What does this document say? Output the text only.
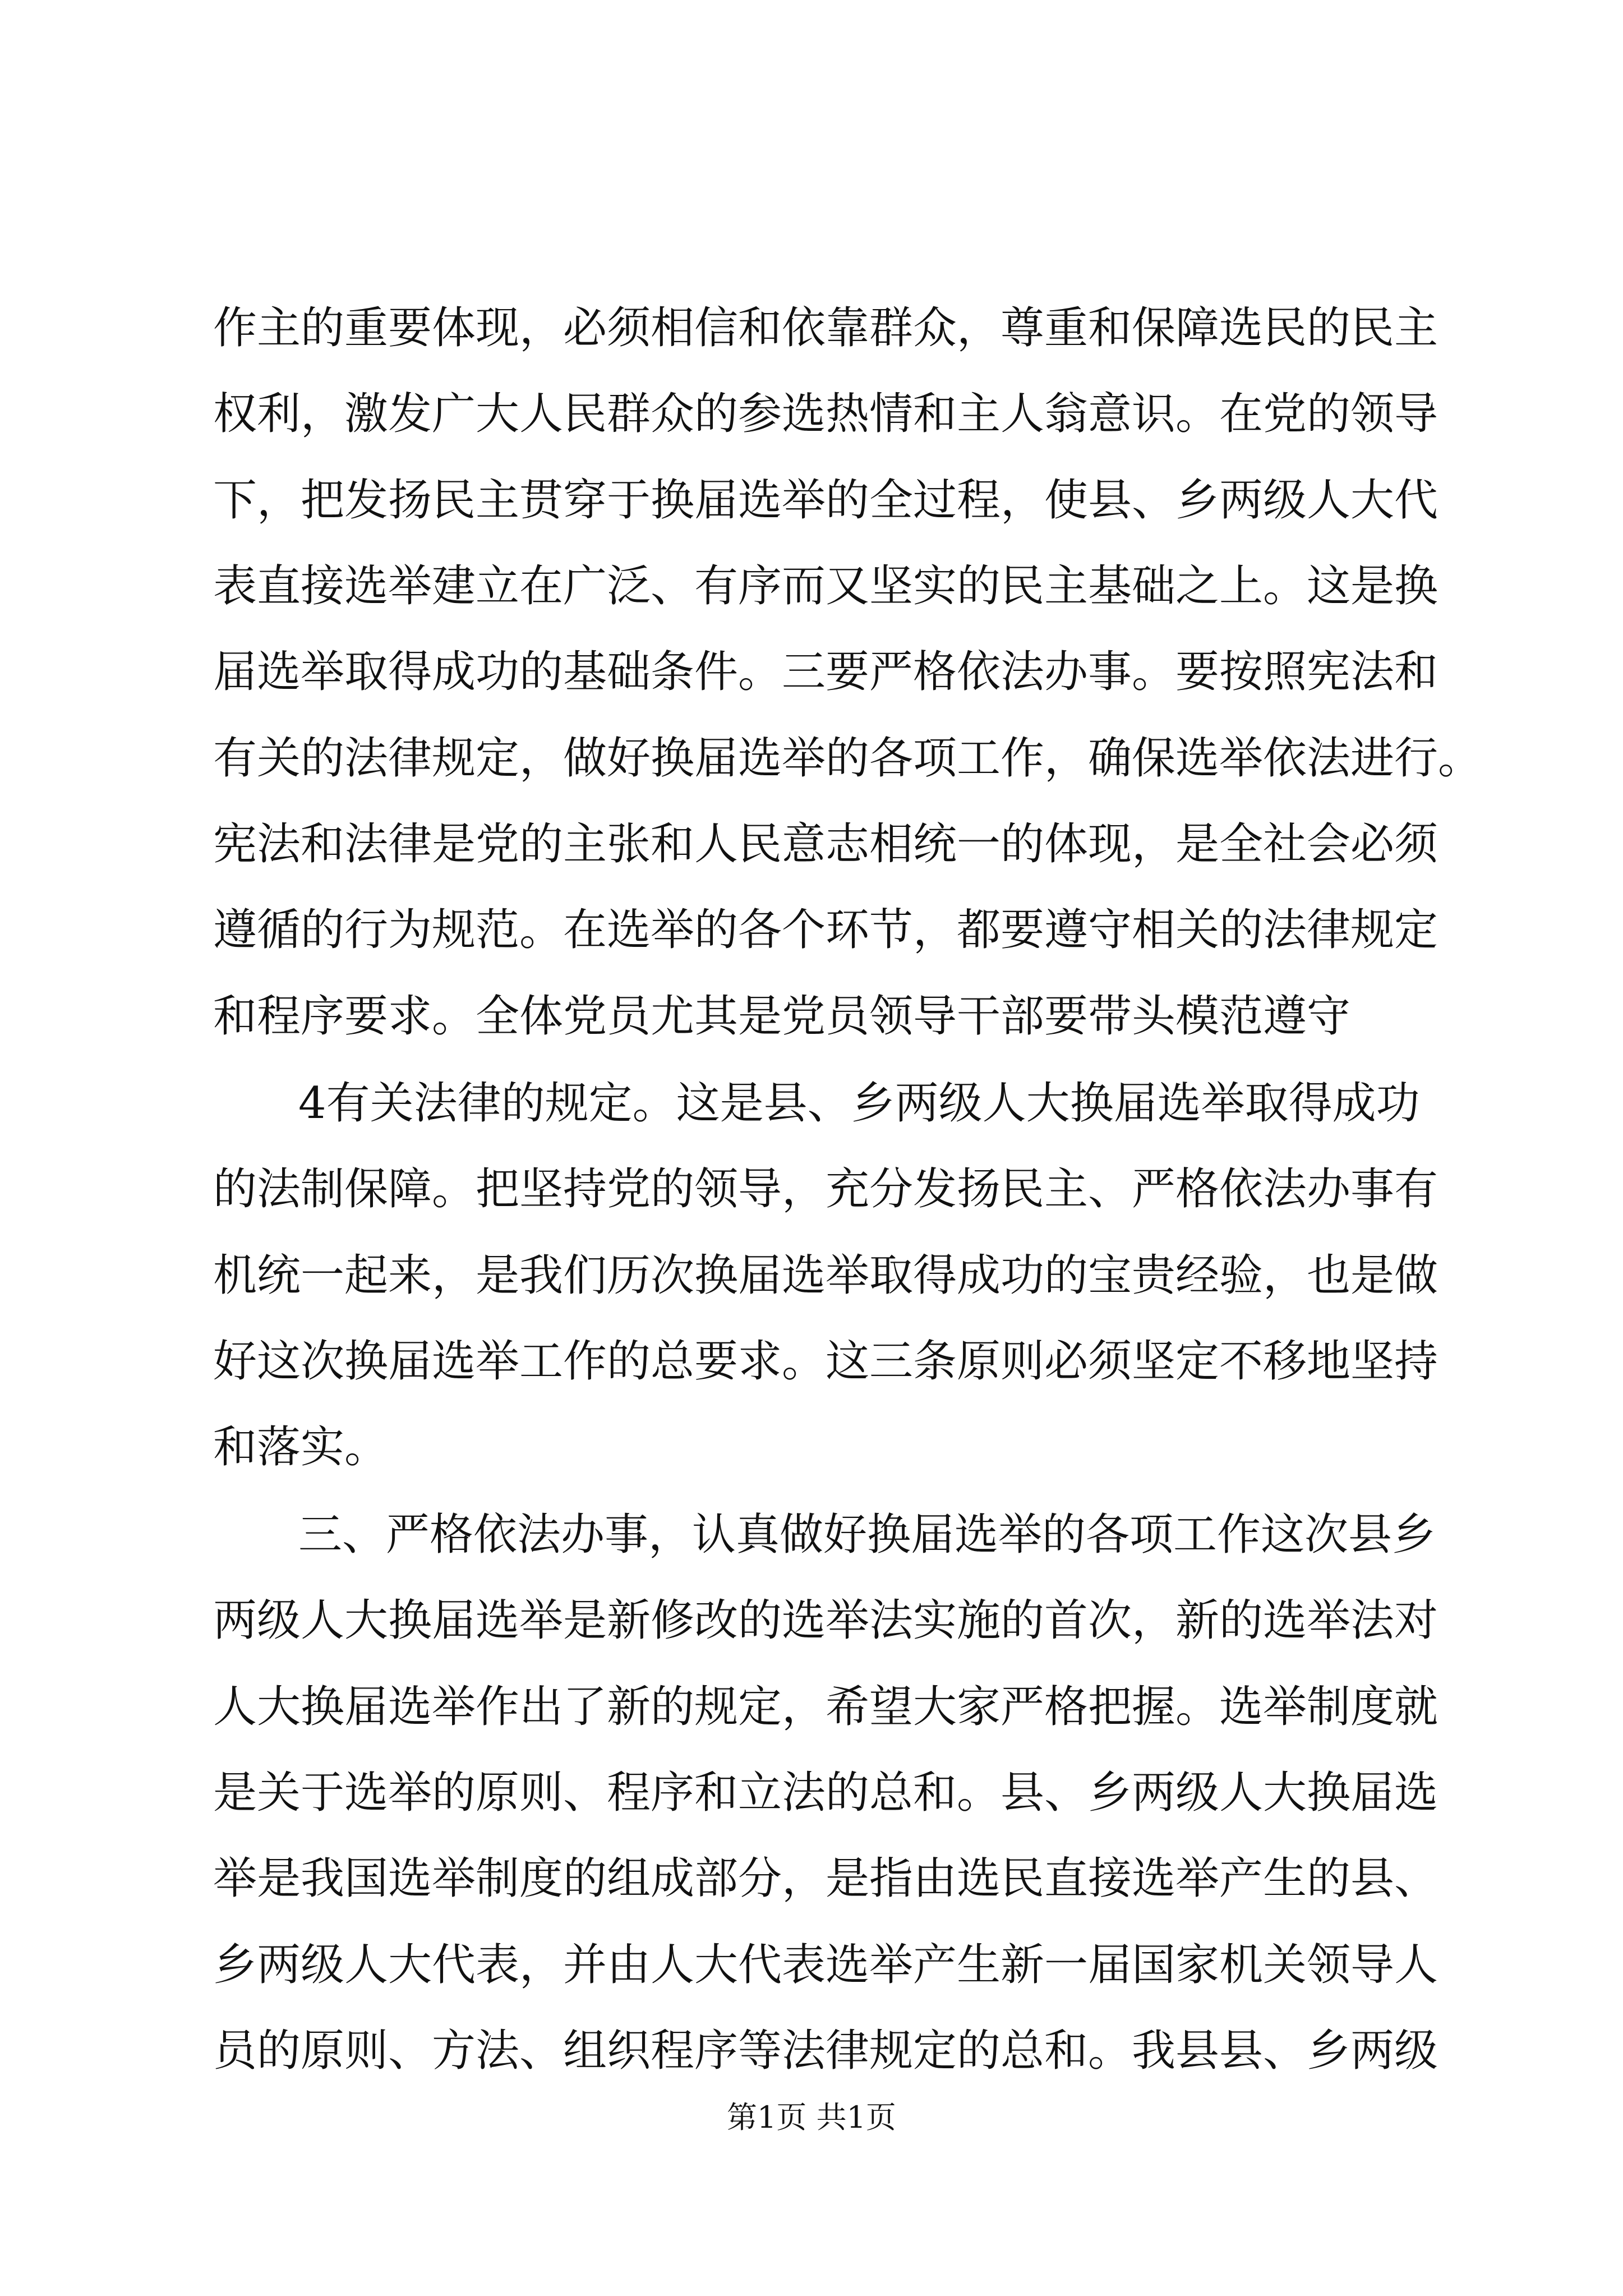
作主的重要体现，必须相信和依靠群众，尊重和保障选民的民主
权利，激发广大人民群众的参选热情和主人翁意识。在党的领导
下，把发扬民主贯穿于换届选举的全过程，使县、乡两级人大代
表直接选举建立在广泛、有序而又坚实的民主基础之上。这是换
届选举取得成功的基础条件。三要严格依法办事。要按照宪法和
有关的法律规定，做好换届选举的各项工作，确保选举依法进行。
宪法和法律是党的主张和人民意志相统一的体现，是全社会必须
遵循的行为规范。在选举的各个环节，都要遵守相关的法律规定
和程序要求。全体党员尤其是党员领导干部要带头模范遵守
4有关法律的规定。这是县、乡两级人大换届选举取得成功
的法制保障。把坚持党的领导，充分发扬民主、严格依法办事有
机统一起来，是我们历次换届选举取得成功的宝贵经验，也是做
好这次换届选举工作的总要求。这三条原则必须坚定不移地坚持
和落实。
三、严格依法办事，认真做好换届选举的各项工作这次县乡
两级人大换届选举是新修改的选举法实施的首次，新的选举法对
人大换届选举作出了新的规定，希望大家严格把握。选举制度就
是关于选举的原则、程序和立法的总和。县、乡两级人大换届选
举是我国选举制度的组成部分，是指由选民直接选举产生的县、
乡两级人大代表，并由人大代表选举产生新一届国家机关领导人
员的原则、方法、组织程序等法律规定的总和。我县县、乡两级
第1页 共1页
